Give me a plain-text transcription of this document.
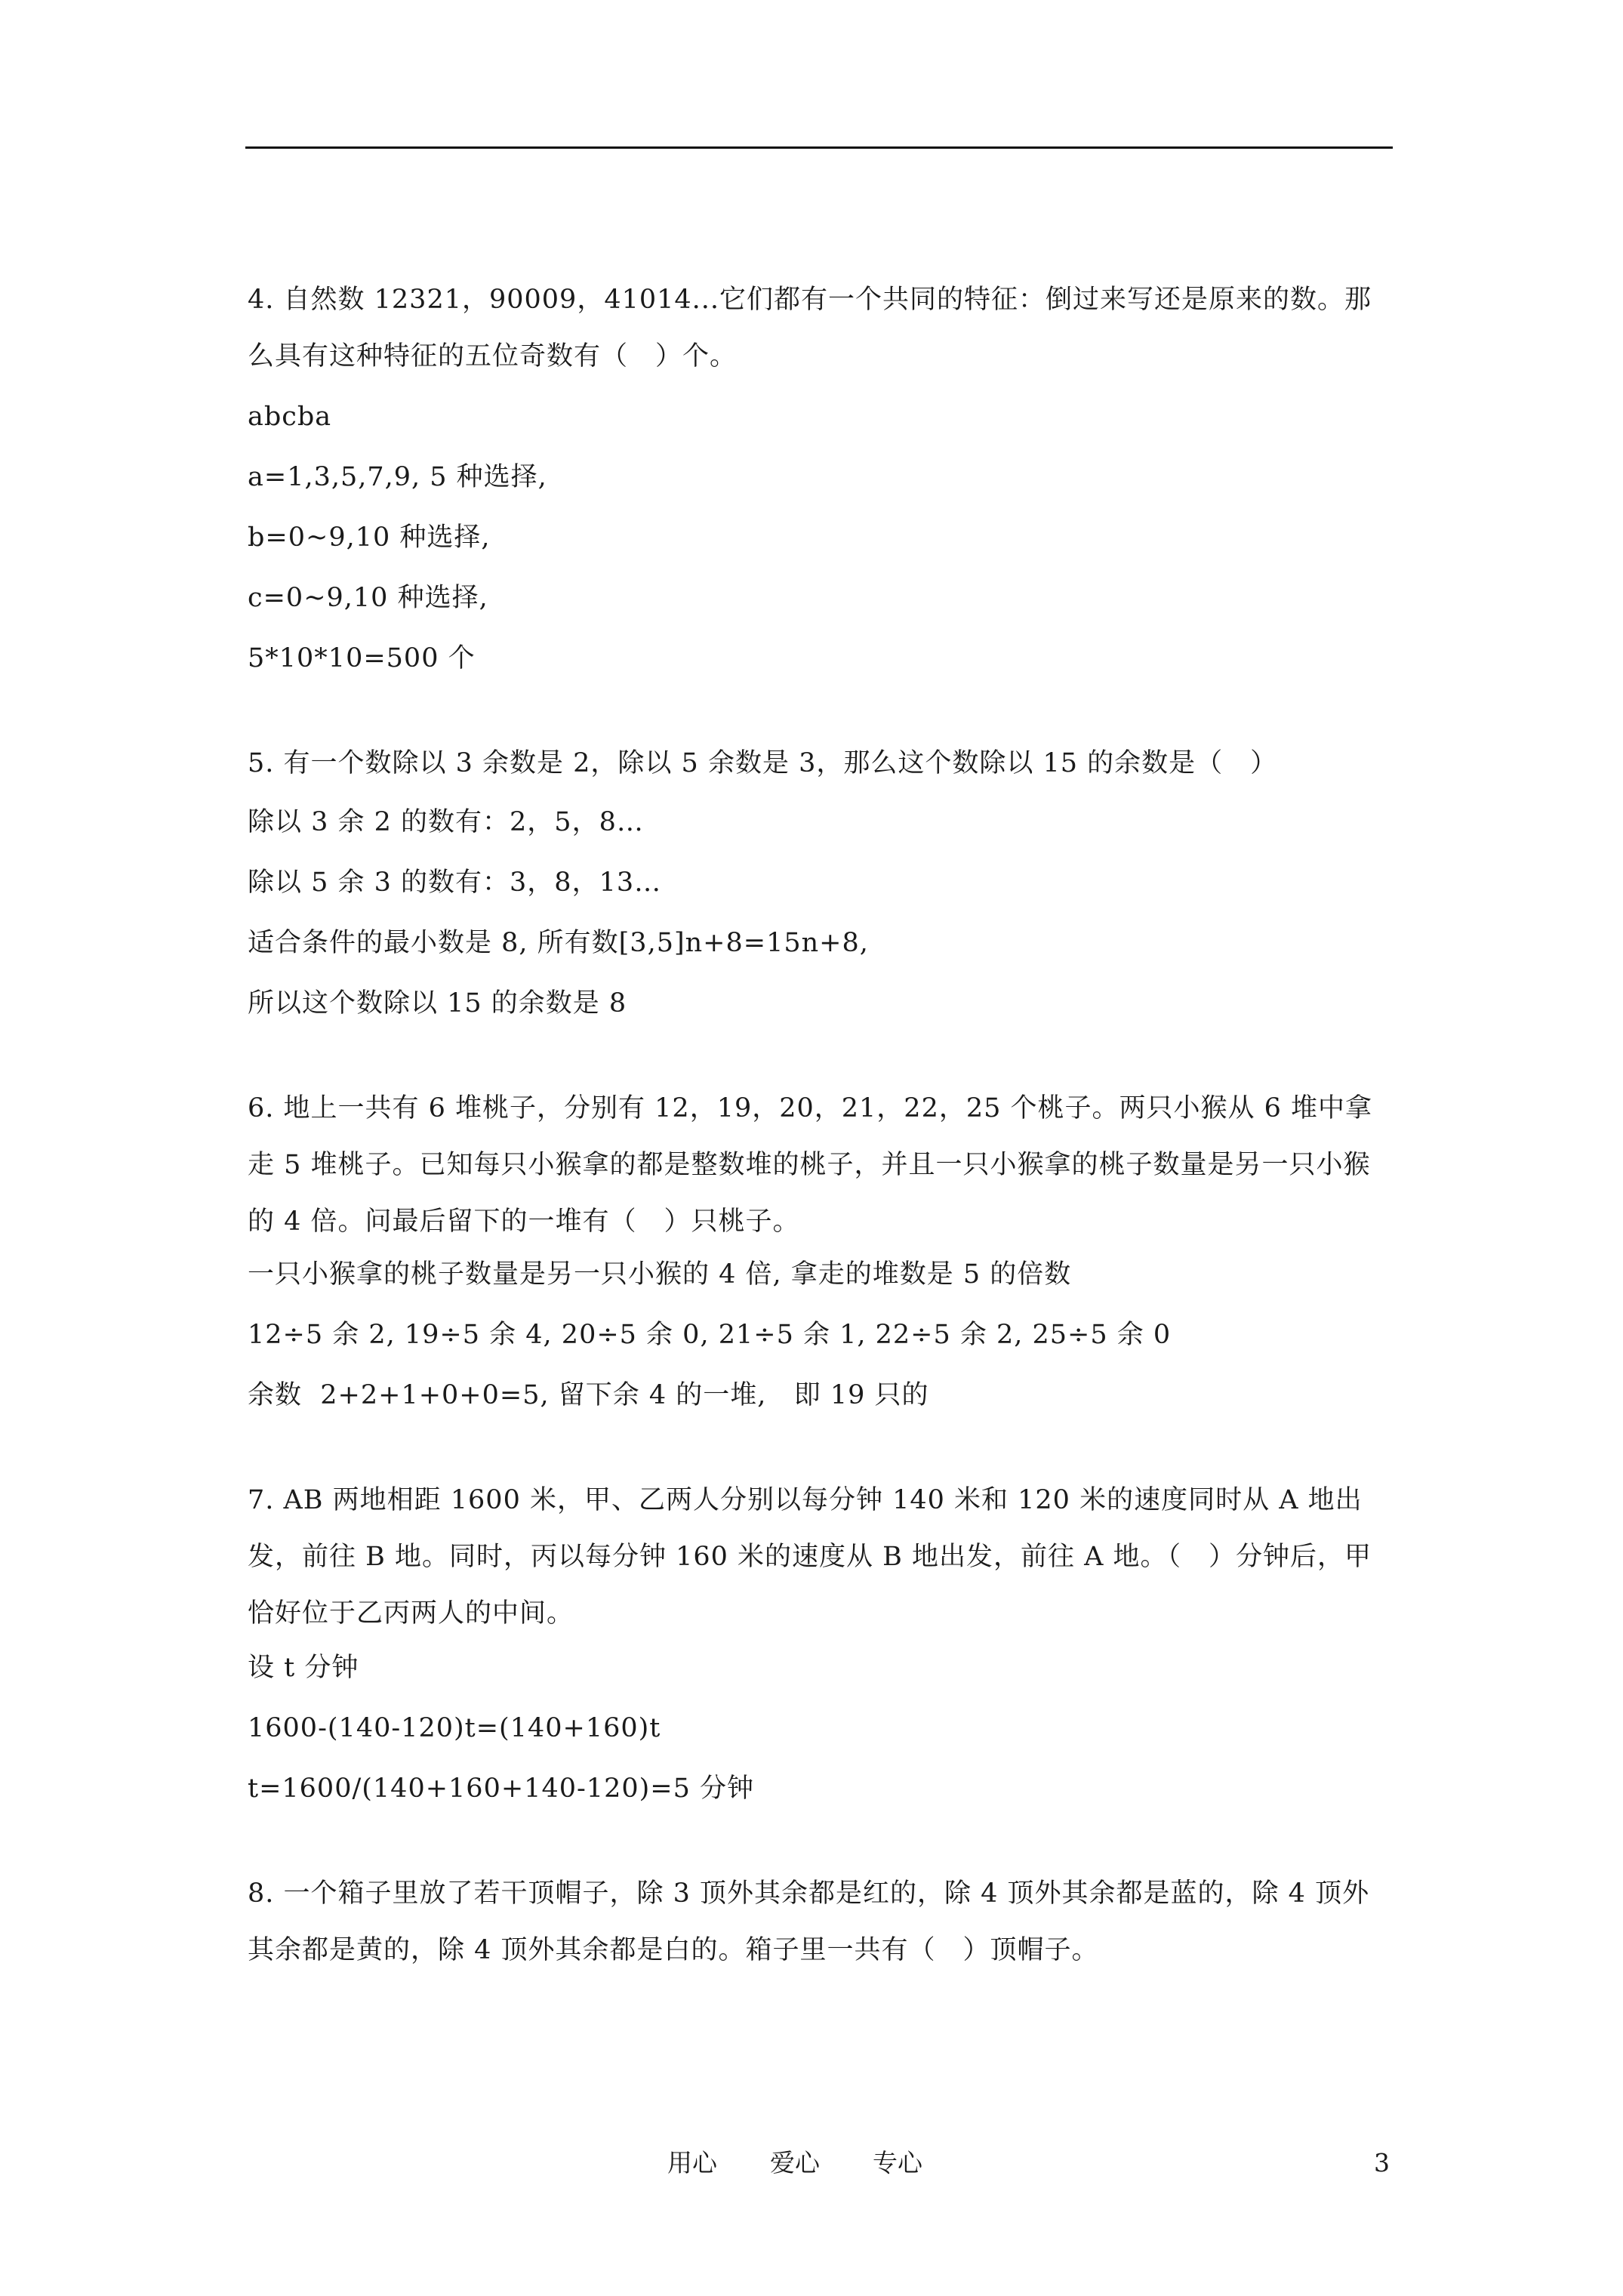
4. 自然数 12321，90009，41014...它们都有一个共同的特征：倒过来写还是原来的数。那么具有这种特征的五位奇数有（　）个。

abcba

a=1,3,5,7,9, 5 种选择,

b=0~9,10 种选择,

c=0~9,10 种选择,

5*10*10=500 个

5. 有一个数除以 3 余数是 2，除以 5 余数是 3，那么这个数除以 15 的余数是（　）

除以 3 余 2 的数有：2，5，8…

除以 5 余 3 的数有：3，8，13…

适合条件的最小数是 8, 所有数[3,5]n+8=15n+8,

所以这个数除以 15 的余数是 8

6. 地上一共有 6 堆桃子，分别有 12，19，20，21，22，25 个桃子。两只小猴从 6 堆中拿走 5 堆桃子。已知每只小猴拿的都是整数堆的桃子，并且一只小猴拿的桃子数量是另一只小猴的 4 倍。问最后留下的一堆有（　）只桃子。

一只小猴拿的桃子数量是另一只小猴的 4 倍, 拿走的堆数是 5 的倍数

12÷5 余 2, 19÷5 余 4, 20÷5 余 0, 21÷5 余 1, 22÷5 余 2, 25÷5 余 0

余数  2+2+1+0+0=5, 留下余 4 的一堆,   即 19 只的

7. AB 两地相距 1600 米，甲、乙两人分别以每分钟 140 米和 120 米的速度同时从 A 地出发，前往 B 地。同时，丙以每分钟 160 米的速度从 B 地出发，前往 A 地。（　）分钟后，甲恰好位于乙丙两人的中间。

设 t 分钟

1600-(140-120)t=(140+160)t

t=1600/(140+160+140-120)=5 分钟

8. 一个箱子里放了若干顶帽子，除 3 顶外其余都是红的，除 4 顶外其余都是蓝的，除 4 顶外其余都是黄的，除 4 顶外其余都是白的。箱子里一共有（　）顶帽子。

用心 爱心 专心	3
